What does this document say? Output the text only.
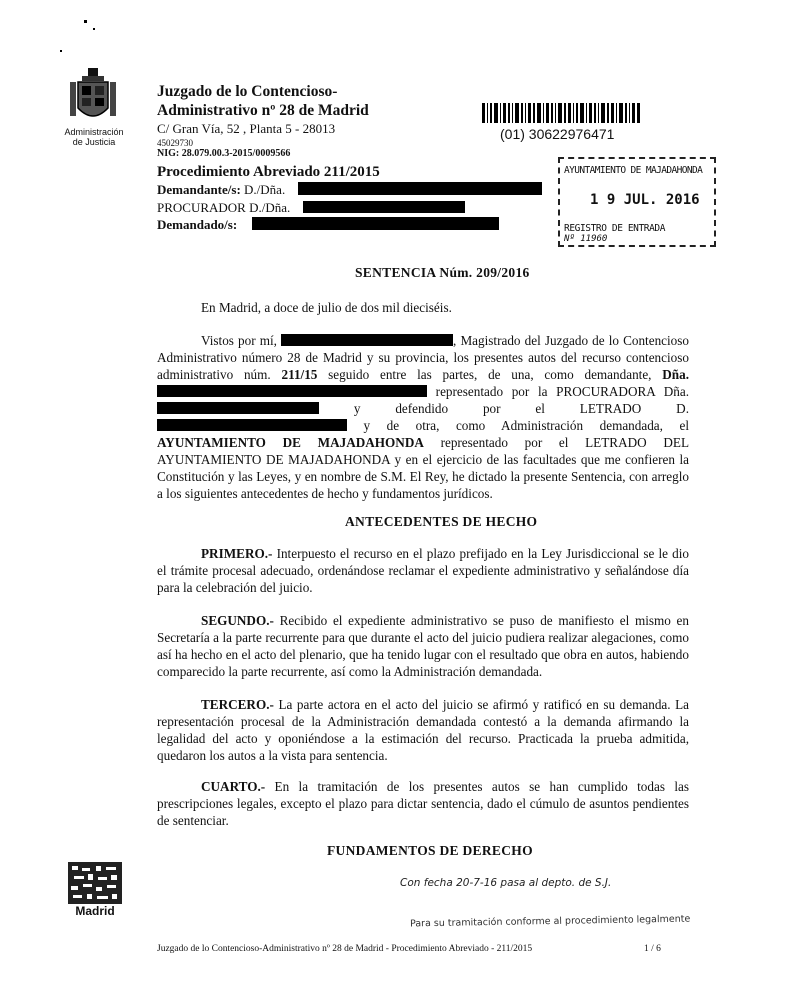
Administración
de Justicia
Madrid
Juzgado de lo Contencioso-
Administrativo nº 28 de Madrid
C/ Gran Vía, 52 , Planta 5 - 28013
45029730
NIG: 28.079.00.3-2015/0009566
(01) 30622976471
Procedimiento Abreviado 211/2015
Demandante/s: D./Dña.
PROCURADOR D./Dña.
Demandado/s:
AYUNTAMIENTO DE MAJADAHONDA
1 9 JUL. 2016
REGISTRO DE ENTRADA
Nº 11960
SENTENCIA Núm. 209/2016
En Madrid, a doce de julio de dos mil dieciséis.
Vistos por mí,	, Magistrado del Juzgado de lo Contencioso Administrativo número 28 de Madrid y su provincia, los presentes autos del recurso contencioso administrativo núm. 211/15 seguido entre las partes, de una, como demandante, Dña.  representado por la PROCURADORA Dña.  y defendido por el LETRADO D.  y de otra, como Administración demandada, el AYUNTAMIENTO DE MAJADAHONDA representado por el LETRADO DEL AYUNTAMIENTO DE MAJADAHONDA y en el ejercicio de las facultades que me confieren la Constitución y las Leyes, y en nombre de S.M. El Rey, he dictado la presente Sentencia, con arreglo a los siguientes antecedentes de hecho y fundamentos jurídicos.
ANTECEDENTES DE HECHO
PRIMERO.- Interpuesto el recurso en el plazo prefijado en la Ley Jurisdiccional se le dio el trámite procesal adecuado, ordenándose reclamar el expediente administrativo y señalándose día para la celebración del juicio.
SEGUNDO.- Recibido el expediente administrativo se puso de manifiesto el mismo en Secretaría a la parte recurrente para que durante el acto del juicio pudiera realizar alegaciones, como así ha hecho en el acto del plenario, que ha tenido lugar con el resultado que obra en autos, habiendo comparecido la parte recurrente, así como la Administración demandada.
TERCERO.- La parte actora en el acto del juicio se afirmó y ratificó en su demanda. La representación procesal de la Administración demandada contestó a la demanda afirmando la legalidad del acto y oponiéndose a la estimación del recurso. Practicada la prueba admitida, quedaron los autos a la vista para sentencia.
CUARTO.- En la tramitación de los presentes autos se han cumplido todas las prescripciones legales, excepto el plazo para dictar sentencia, dado el cúmulo de asuntos pendientes de sentenciar.
FUNDAMENTOS DE DERECHO
Con fecha 20-7-16 pasa al depto. de S.J.
Para su tramitación conforme al procedimiento legalmente
Juzgado de lo Contencioso-Administrativo nº 28 de Madrid - Procedimiento Abreviado - 211/2015	1 / 6
